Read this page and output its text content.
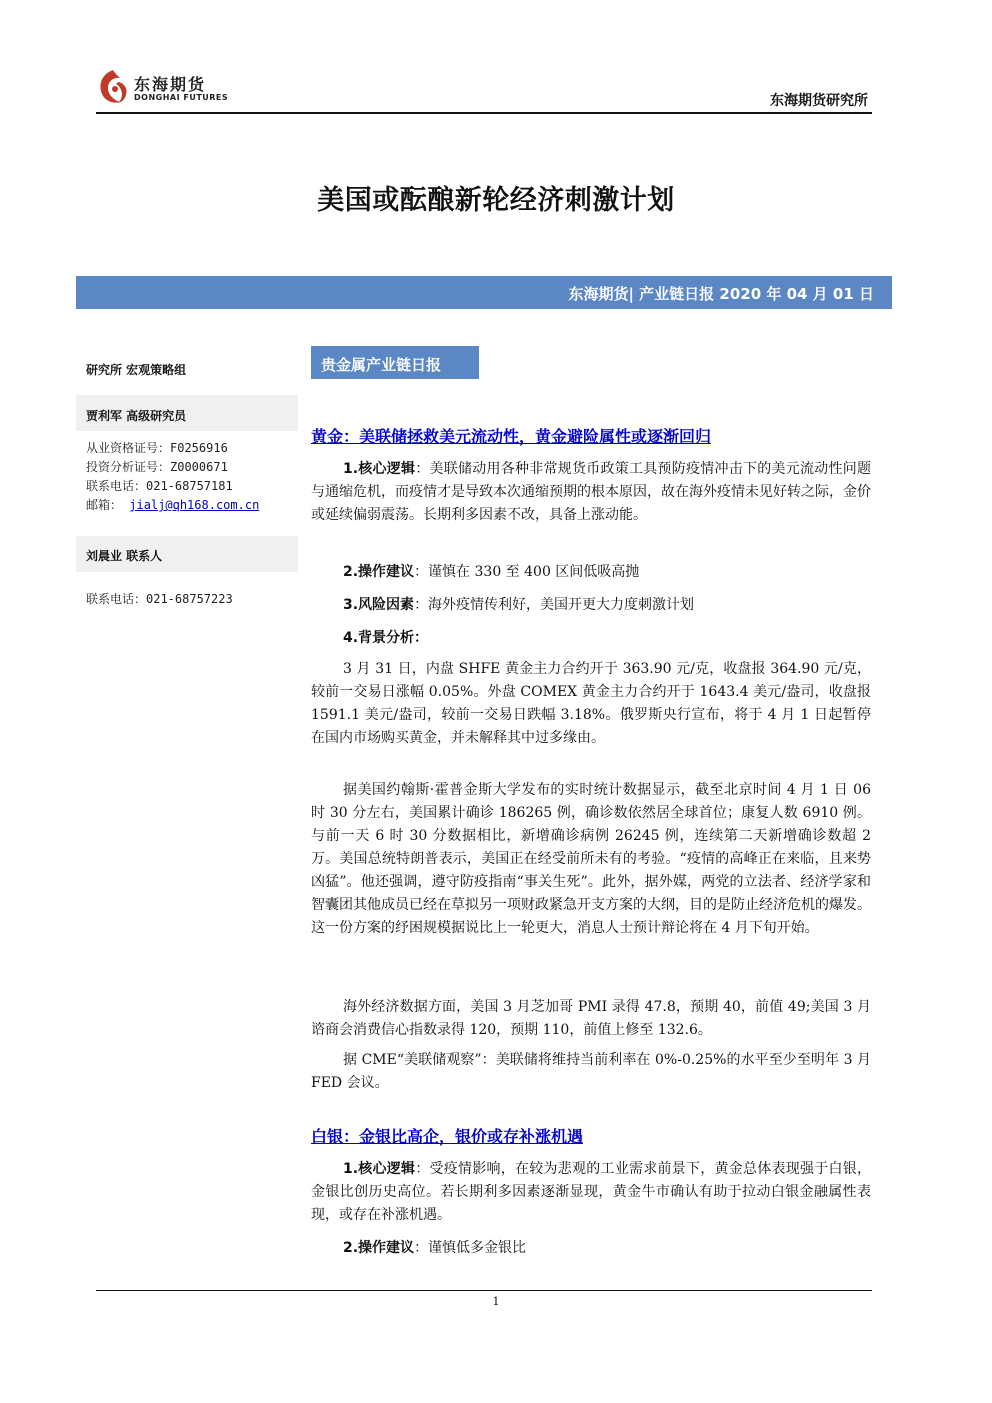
东海期货
DONGHAI FUTURES	东海期货研究所
美国或酝酿新轮经济刺激计划
东海期货| 产业链日报 2020 年 04 月 01 日
研究所 宏观策略组
贾利军 高级研究员
从业资格证号：F0256916
投资分析证号：Z0000671
联系电话：021-68757181
邮箱： jialj@qh168.com.cn
刘晨业 联系人
联系电话：021-68757223
贵金属产业链日报
黄金：美联储拯救美元流动性，黄金避险属性或逐渐回归
1.核心逻辑：美联储动用各种非常规货币政策工具预防疫情冲击下的美元流动性问题与通缩危机，而疫情才是导致本次通缩预期的根本原因，故在海外疫情未见好转之际，金价或延续偏弱震荡。长期利多因素不改，具备上涨动能。
2.操作建议：谨慎在 330 至 400 区间低吸高抛
3.风险因素：海外疫情传利好，美国开更大力度刺激计划
4.背景分析：
3 月 31 日，内盘 SHFE 黄金主力合约开于 363.90 元/克，收盘报 364.90 元/克，较前一交易日涨幅 0.05%。外盘 COMEX 黄金主力合约开于 1643.4 美元/盎司，收盘报 1591.1 美元/盎司，较前一交易日跌幅 3.18%。俄罗斯央行宣布，将于 4 月 1 日起暂停在国内市场购买黄金，并未解释其中过多缘由。
据美国约翰斯·霍普金斯大学发布的实时统计数据显示，截至北京时间 4 月 1 日 06 时 30 分左右，美国累计确诊 186265 例，确诊数依然居全球首位；康复人数 6910 例。与前一天 6 时 30 分数据相比，新增确诊病例 26245 例，连续第二天新增确诊数超 2 万。美国总统特朗普表示，美国正在经受前所未有的考验。“疫情的高峰正在来临，且来势凶猛”。他还强调，遵守防疫指南“事关生死”。此外，据外媒，两党的立法者、经济学家和智囊团其他成员已经在草拟另一项财政紧急开支方案的大纲，目的是防止经济危机的爆发。这一份方案的纾困规模据说比上一轮更大，消息人士预计辩论将在 4 月下旬开始。
海外经济数据方面，美国 3 月芝加哥 PMI 录得 47.8，预期 40，前值 49;美国 3 月谘商会消费信心指数录得 120，预期 110，前值上修至 132.6。
据 CME“美联储观察”：美联储将维持当前利率在 0%-0.25%的水平至少至明年 3 月 FED 会议。
白银：金银比高企，银价或存补涨机遇
1.核心逻辑：受疫情影响，在较为悲观的工业需求前景下，黄金总体表现强于白银，金银比创历史高位。若长期利多因素逐渐显现，黄金牛市确认有助于拉动白银金融属性表现，或存在补涨机遇。
2.操作建议：谨慎低多金银比
1
